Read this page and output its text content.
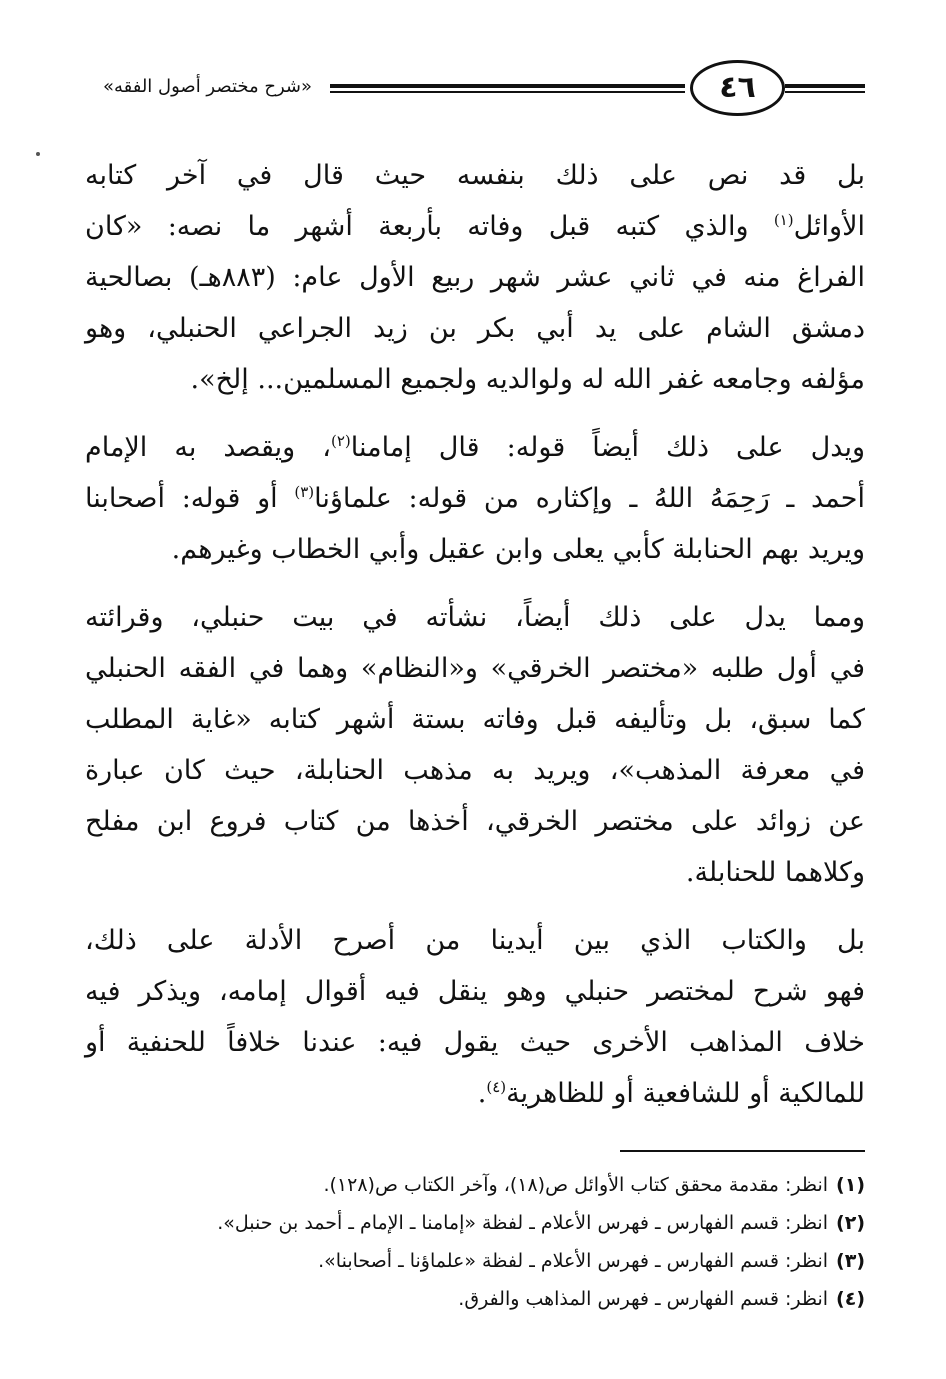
٤٦
«شرح مختصر أصول الفقه»
بل قد نص على ذلك بنفسه حيث قال في آخر كتابه
الأوائل$^{(١)}$ والذي كتبه قبل وفاته بأربعة أشهر ما نصه: «كان
الفراغ منه في ثاني عشر شهر ربيع الأول عام: (٨٨٣هـ) بصالحية
دمشق الشام على يد أبي بكر بن زيد الجراعي الحنبلي، وهو
مؤلفه وجامعه غفر الله له ولوالديه ولجميع المسلمين... إلخ».
ويدل على ذلك أيضاً قوله: قال إمامنا$^{(٢)}$، ويقصد به الإمام
أحمد ـ رَحِمَهُ اللهُ ـ وإكثاره من قوله: علماؤنا$^{(٣)}$ أو قوله: أصحابنا
ويريد بهم الحنابلة كأبي يعلى وابن عقيل وأبي الخطاب وغيرهم.
ومما يدل على ذلك أيضاً، نشأته في بيت حنبلي، وقرائته
في أول طلبه «مختصر الخرقي» و«النظام» وهما في الفقه الحنبلي
كما سبق، بل وتأليفه قبل وفاته بستة أشهر كتابه «غاية المطلب
في معرفة المذهب»، ويريد به مذهب الحنابلة، حيث كان عبارة
عن زوائد على مختصر الخرقي، أخذها من كتاب فروع ابن مفلح
وكلاهما للحنابلة.
بل والكتاب الذي بين أيدينا من أصرح الأدلة على ذلك،
فهو شرح لمختصر حنبلي وهو ينقل فيه أقوال إمامه، ويذكر فيه
خلاف المذاهب الأخرى حيث يقول فيه: عندنا خلافاً للحنفية أو
للمالكية أو للشافعية أو للظاهرية$^{(٤)}$.
(١)انظر: مقدمة محقق كتاب الأوائل ص(١٨)، وآخر الكتاب ص(١٢٨).
(٢)انظر: قسم الفهارس ـ فهرس الأعلام ـ لفظة «إمامنا ـ الإمام ـ أحمد بن حنبل».
(٣)انظر: قسم الفهارس ـ فهرس الأعلام ـ لفظة «علماؤنا ـ أصحابنا».
(٤)انظر: قسم الفهارس ـ فهرس المذاهب والفرق.
